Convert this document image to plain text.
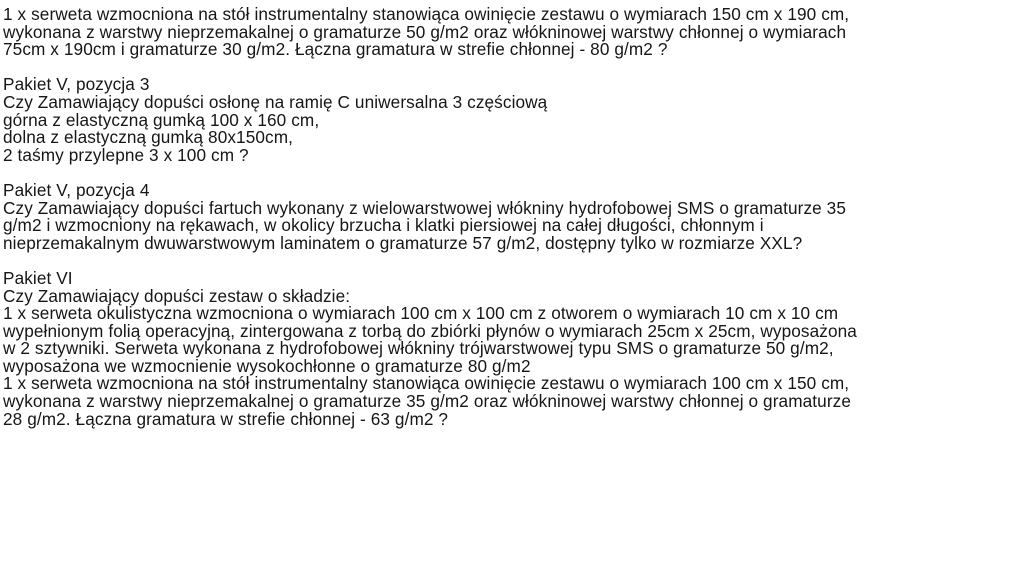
1 x serweta wzmocniona na stół instrumentalny stanowiąca owinięcie zestawu o wymiarach 150 cm x 190 cm,
wykonana z warstwy nieprzemakalnej o gramaturze 50 g/m2 oraz włókninowej warstwy chłonnej o wymiarach
75cm x 190cm i gramaturze 30 g/m2. Łączna gramatura w strefie chłonnej - 80 g/m2 ?
Pakiet V, pozycja 3
Czy Zamawiający dopuści osłonę na ramię C uniwersalna 3 częściową
górna z elastyczną gumką 100 x 160 cm,
dolna z elastyczną gumką 80x150cm,
2 taśmy przylepne 3 x 100 cm ?
Pakiet V, pozycja 4
Czy Zamawiający dopuści fartuch wykonany z wielowarstwowej włókniny hydrofobowej SMS o gramaturze 35
g/m2 i wzmocniony na rękawach, w okolicy brzucha i klatki piersiowej na całej długości, chłonnym i
nieprzemakalnym dwuwarstwowym laminatem o gramaturze 57 g/m2, dostępny tylko w rozmiarze XXL?
Pakiet VI
Czy Zamawiający dopuści zestaw o składzie:
1 x serweta okulistyczna wzmocniona o wymiarach 100 cm x 100 cm z otworem o wymiarach 10 cm x 10 cm
wypełnionym folią operacyjną, zintergowana z torbą do zbiórki płynów o wymiarach 25cm x 25cm, wyposażona
w 2 sztywniki. Serweta wykonana z hydrofobowej włókniny trójwarstwowej typu SMS o gramaturze 50 g/m2,
wyposażona we wzmocnienie wysokochłonne o gramaturze 80 g/m2
1 x serweta wzmocniona na stół instrumentalny stanowiąca owinięcie zestawu o wymiarach 100 cm x 150 cm,
wykonana z warstwy nieprzemakalnej o gramaturze 35 g/m2 oraz włókninowej warstwy chłonnej o gramaturze
28 g/m2. Łączna gramatura w strefie chłonnej - 63 g/m2 ?
